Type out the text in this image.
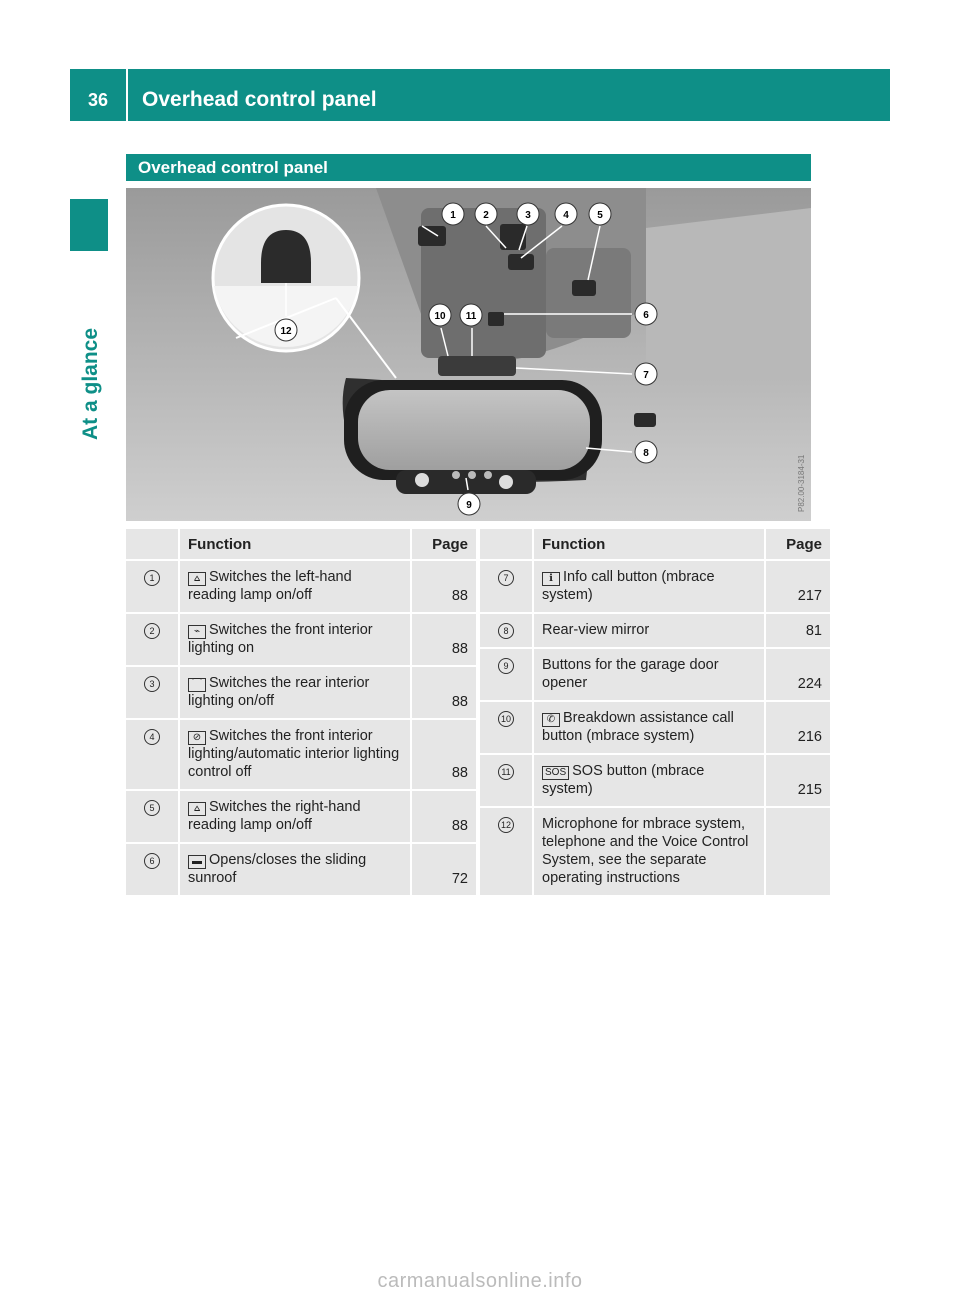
36	Overhead control panel
At a glance
Overhead control panel
1	2	3	4	5
6
7
8
9
10 11
12
P82.00-3184-31
	Function	Page
1	⩟ Switches the left-hand reading lamp on/off	88

2	⌁ Switches the front interior lighting on	88

3	⌒ Switches the rear interior lighting on/off	88

4	⊘ Switches the front interior lighting/automatic interior lighting control off	88

5	⩟ Switches the right-hand reading lamp on/off	88

6	▬ Opens/closes the sliding sunroof	72
	Function	Page
7	ℹ Info call button (mbrace system)	217

8	Rear-view mirror	81

9	Buttons for the garage door opener	224

10	✆ Breakdown assistance call button (mbrace system)	216

11	SOS SOS button (mbrace system)	215

12	Microphone for mbrace system, telephone and the Voice Control System, see the separate operating instructions	

carmanualsonline.info
